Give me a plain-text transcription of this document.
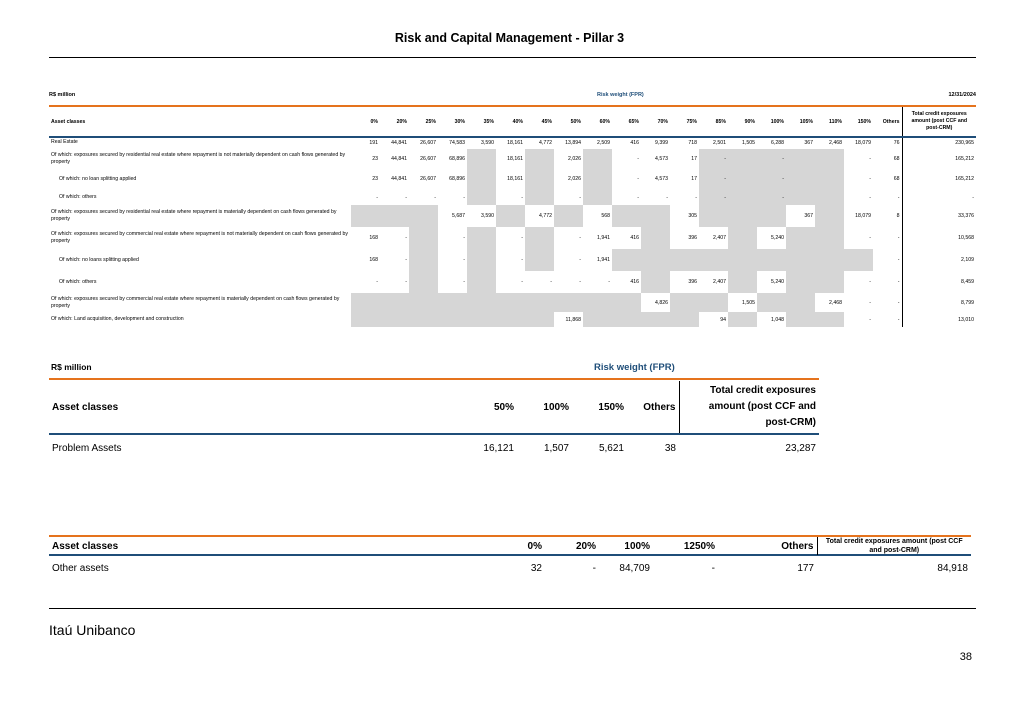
Risk and Capital Management - Pillar 3
R$ million	Risk weight (FPR)	12/31/2024
Asset classes	0%	20%	25%	30%	35%	40%	45%	50%	60%	65%	70%	75%	85%	90%	100%	105%	110%	150%	Others	Total credit exposures amount (post CCF and post-CRM)
Real Estate	191	44,841	26,607	74,583	3,590	18,161	4,772	13,894	2,509	416	9,399	718	2,501	1,505	6,288	367	2,468	18,079	76	230,965
Of which: exposures secured by residential real estate where repayment is not materially dependent on cash flows generated by property	23	44,841	26,607	68,896		18,161		2,026		-	4,573	17	-		-			-	68	165,212
Of which: no loan splitting applied	23	44,841	26,607	68,896		18,161		2,026		-	4,573	17	-		-			-	68	165,212
Of which: others	-	-	-	-		-		-		-	-	-	-		-			-	-	-
Of which: exposures secured by residential real estate where repayment is materially dependent on cash flows generated by property				5,687	3,590		4,772		568			305				367		18,079	8	33,376
Of which: exposures secured by commercial real estate where repayment is not materially dependent on cash flows generated by property	168	-		-		-		-	1,941	416		396	2,407		5,240			-	-	10,568
Of which: no loans splitting applied	168	-		-		-		-	1,941										-	2,109
Of which: others	-	-		-		-	-	-	-	416		396	2,407		5,240			-	-	8,459
Of which: exposures secured by commercial real estate where repayment is materially dependent on cash flows generated by property											4,826			1,505			2,468	-	-	8,799
Of which: Land acquisition, development and construction								11,868					94		1,048			-	-	13,010
R$ million	Risk weight (FPR)
Asset classes	50%	100%	150%	Others	Total credit exposures amount (post CCF and post-CRM)
Problem Assets	16,121	1,507	5,621	38	23,287
Asset classes	0%	20%	100%	1250%	Others	Total credit exposures amount (post CCF and post-CRM)
Other assets	32	-	84,709	-	177	84,918
Itaú Unibanco
38
